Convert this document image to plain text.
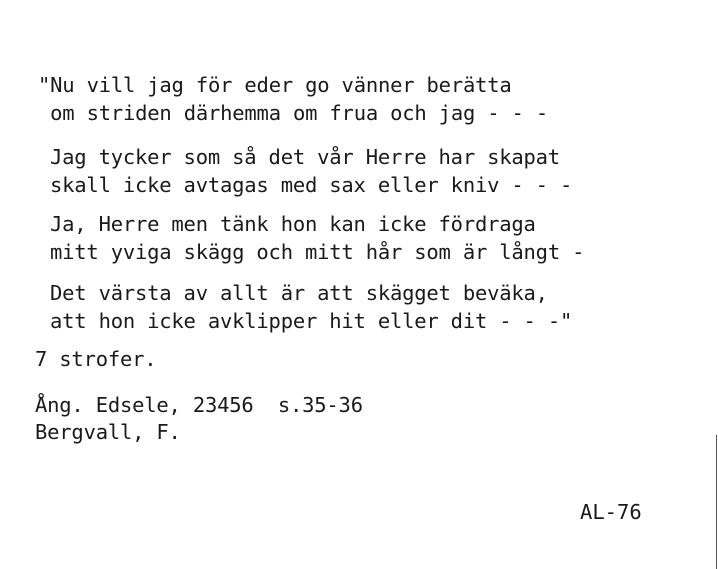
"Nu vill jag för eder go vänner berätta
om striden därhemma om frua och jag - - -
Jag tycker som så det vår Herre har skapat
skall icke avtagas med sax eller kniv - - -
Ja, Herre men tänk hon kan icke fördraga
mitt yviga skägg och mitt hår som är långt -
Det värsta av allt är att skägget beväka,
att hon icke avklipper hit eller dit - - -"
7 strofer.
Ång. Edsele, 23456  s.35-36
Bergvall, F.
AL-76
